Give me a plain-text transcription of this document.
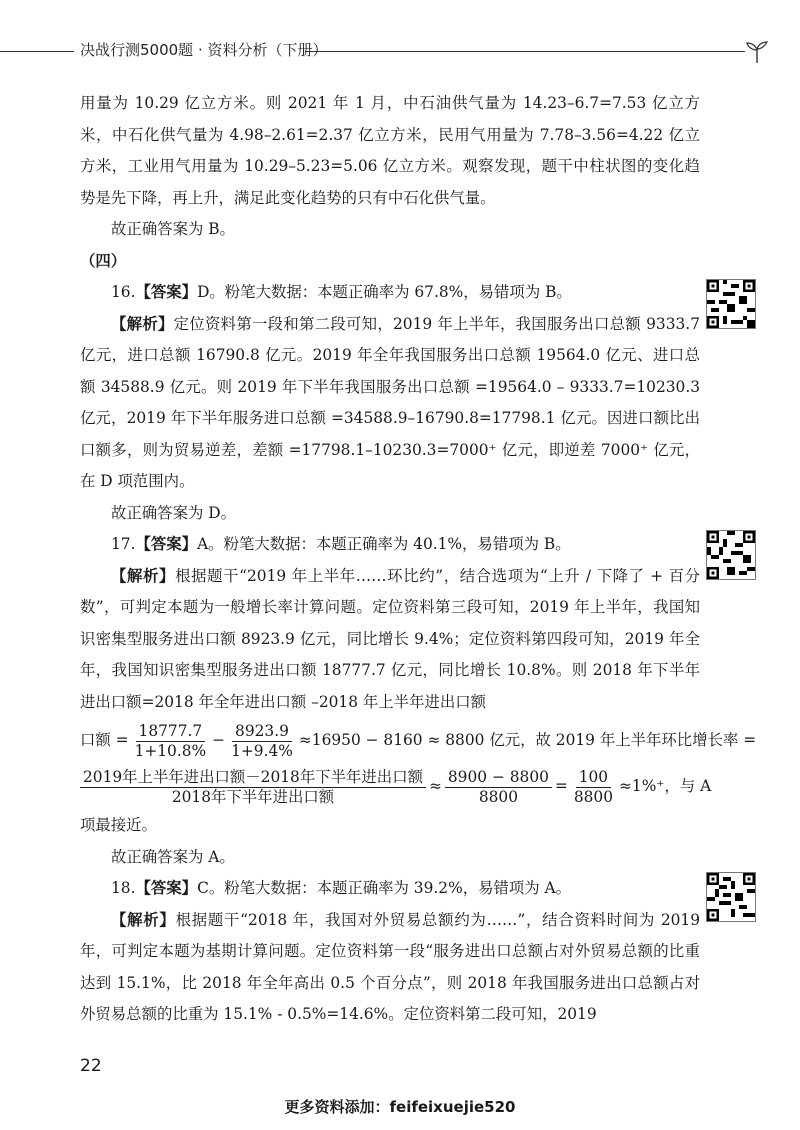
决战行测5000题 · 资料分析（下册）

用量为 10.29 亿立方米。则 2021 年 1 月，中石油供气量为 14.23–6.7=7.53 亿立方米，中石化供气量为 4.98–2.61=2.37 亿立方米，民用气用量为 7.78–3.56=4.22 亿立方米，工业用气用量为 10.29–5.23=5.06 亿立方米。观察发现，题干中柱状图的变化趋势是先下降，再上升，满足此变化趋势的只有中石化供气量。

故正确答案为 B。

（四）

16.【答案】D。粉笔大数据：本题正确率为 67.8%，易错项为 B。

【解析】定位资料第一段和第二段可知，2019 年上半年，我国服务出口总额 9333.7 亿元，进口总额 16790.8 亿元。2019 年全年我国服务出口总额 19564.0 亿元、进口总额 34588.9 亿元。则 2019 年下半年我国服务出口总额 =19564.0 – 9333.7=10230.3 亿元，2019 年下半年服务进口总额 =34588.9–16790.8=17798.1 亿元。因进口额比出口额多，则为贸易逆差，差额 =17798.1–10230.3=7000⁺ 亿元，即逆差 7000⁺ 亿元，在 D 项范围内。

故正确答案为 D。

17.【答案】A。粉笔大数据：本题正确率为 40.1%，易错项为 B。

【解析】根据题干“2019 年上半年……环比约”，结合选项为“上升 / 下降了 + 百分数”，可判定本题为一般增长率计算问题。定位资料第三段可知，2019 年上半年，我国知识密集型服务进出口额 8923.9 亿元，同比增长 9.4%；定位资料第四段可知，2019 年全年，我国知识密集型服务进出口额 18777.7 亿元，同比增长 10.8%。则 2018 年下半年进出口额=2018 年全年进出口额 –2018 年上半年进出口额

口额 = $\frac{18777.7}{1+10.8\%} - \frac{8923.9}{1+9.4\%} \approx 16950 - 8160 \approx 8800$ 亿元，故 2019 年上半年环比增长率 =
$\frac{\text{2019年上半年进出口额－2018年下半年进出口额}}{\text{2018年下半年进出口额}} \approx \frac{8900 - 8800}{8800} = \frac{100}{8800} \approx 1\%^+$，与 A

项最接近。

故正确答案为 A。

18.【答案】C。粉笔大数据：本题正确率为 39.2%，易错项为 A。

【解析】根据题干“2018 年，我国对外贸易总额约为……”，结合资料时间为 2019 年，可判定本题为基期计算问题。定位资料第一段“服务进出口总额占对外贸易总额的比重达到 15.1%，比 2018 年全年高出 0.5 个百分点”，则 2018 年我国服务进出口总额占对外贸易总额的比重为 15.1% - 0.5%=14.6%。定位资料第二段可知，2019

22
更多资料添加：feifeixuejie520
